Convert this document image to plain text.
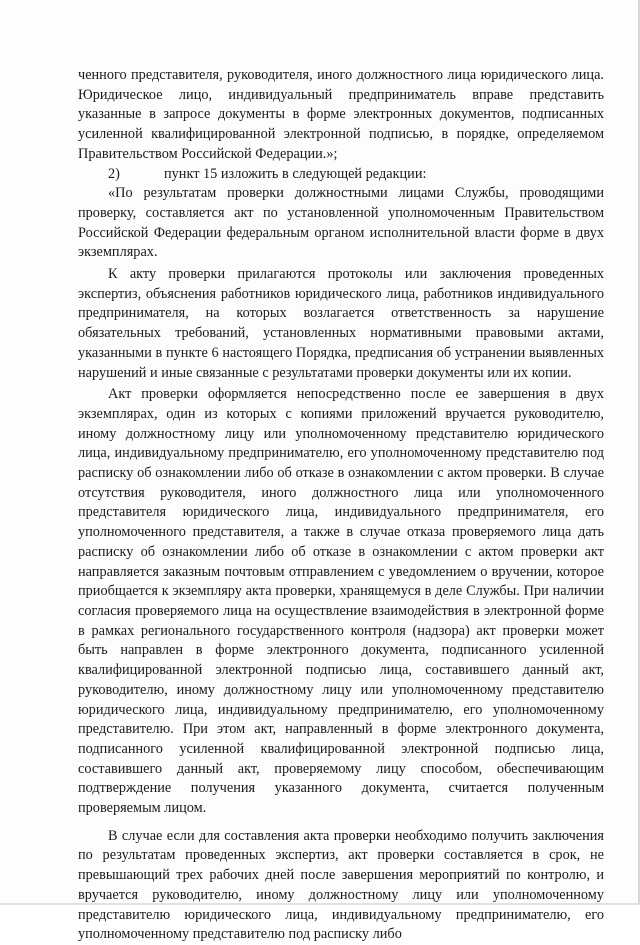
ченного представителя, руководителя, иного должностного лица юридического лица. Юридическое лицо, индивидуальный предприниматель вправе представить указанные в запросе документы в форме электронных документов, подписанных усиленной квалифицированной электронной подписью, в порядке, определяемом Правительством Российской Федерации.»;

2)	пункт 15 изложить в следующей редакции:

«По результатам проверки должностными лицами Службы, проводящими проверку, составляется акт по установленной уполномоченным Правительством Российской Федерации федеральным органом исполнительной власти форме в двух экземплярах.

К акту проверки прилагаются протоколы или заключения проведенных экспертиз, объяснения работников юридического лица, работников индивидуального предпринимателя, на которых возлагается ответственность за нарушение обязательных требований, установленных нормативными правовыми актами, указанными в пункте 6 настоящего Порядка, предписания об устранении выявленных нарушений и иные связанные с результатами проверки документы или их копии.

Акт проверки оформляется непосредственно после ее завершения в двух экземплярах, один из которых с копиями приложений вручается руководителю, иному должностному лицу или уполномоченному представителю юридического лица, индивидуальному предпринимателю, его уполномоченному представителю под расписку об ознакомлении либо об отказе в ознакомлении с актом проверки. В случае отсутствия руководителя, иного должностного лица или уполномоченного представителя юридического лица, индивидуального предпринимателя, его уполномоченного представителя, а также в случае отказа проверяемого лица дать расписку об ознакомлении либо об отказе в ознакомлении с актом проверки акт направляется заказным почтовым отправлением с уведомлением о вручении, которое приобщается к экземпляру акта проверки, хранящемуся в деле Службы. При наличии согласия проверяемого лица на осуществление взаимодействия в электронной форме в рамках регионального государственного контроля (надзора) акт проверки может быть направлен в форме электронного документа, подписанного усиленной квалифицированной электронной подписью лица, составившего данный акт, руководителю, иному должностному лицу или уполномоченному представителю юридического лица, индивидуальному предпринимателю, его уполномоченному представителю. При этом акт, направленный в форме электронного документа, подписанного усиленной квалифицированной электронной подписью лица, составившего данный акт, проверяемому лицу способом, обеспечивающим подтверждение получения указанного документа, считается полученным проверяемым лицом.

В случае если для составления акта проверки необходимо получить заключения по результатам проведенных экспертиз, акт проверки составляется в срок, не превышающий трех рабочих дней после завершения мероприятий по контролю, и вручается руководителю, иному должностному лицу или уполномоченному представителю юридического лица, индивидуальному предпринимателю, его уполномоченному представителю под расписку либо
